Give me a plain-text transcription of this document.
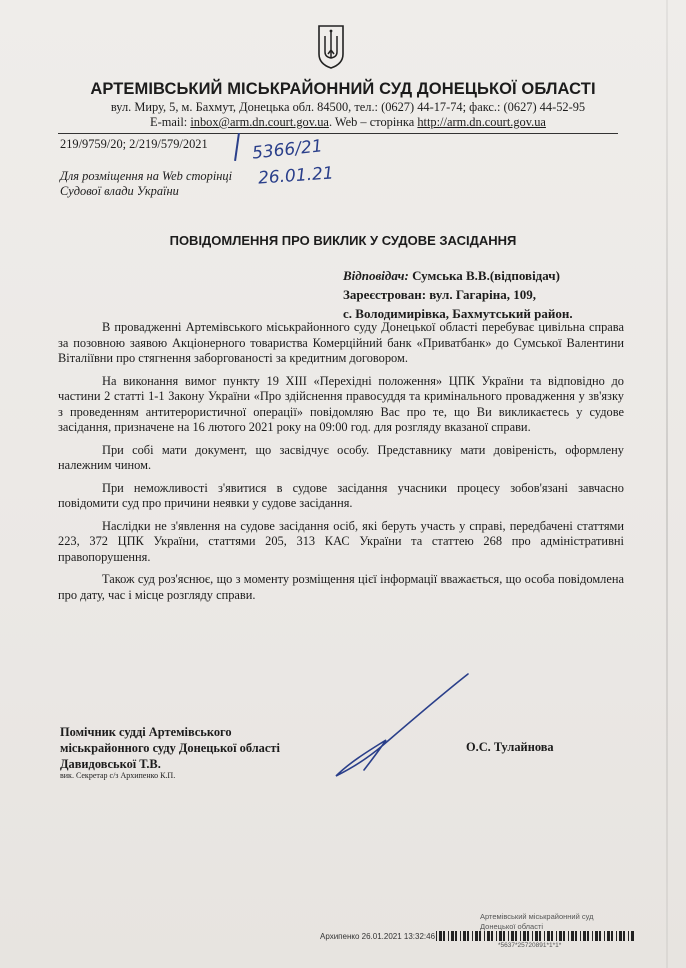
АРТЕМІВСЬКИЙ МІСЬКРАЙОННИЙ СУД ДОНЕЦЬКОЇ ОБЛАСТІ
вул. Миру, 5, м. Бахмут, Донецька обл. 84500, тел.: (0627) 44-17-74; факс.: (0627) 44-52-95
E-mail: inbox@arm.dn.court.gov.ua. Web – сторінка http://arm.dn.court.gov.ua
219/9759/20; 2/219/579/2021	5366/21
Для розміщення на Web сторінці
Судової влади України
26.01.21
ПОВІДОМЛЕННЯ ПРО ВИКЛИК У СУДОВЕ ЗАСІДАННЯ
Відповідач: Сумська В.В.(відповідач)
Зареєстрован: вул. Гагаріна, 109,
с. Володимирівка, Бахмутський район.

В провадженні Артемівського міськрайонного суду Донецької області перебуває цивільна справа за позовною заявою Акціонерного товариства Комерційний банк «Приватбанк» до Сумської Валентини Віталіївни про стягнення заборгованості за кредитним договором.

На виконання вимог пункту 19 XIII «Перехідні положення» ЦПК України та відповідно до частини 2 статті 1-1 Закону України «Про здійснення правосуддя та кримінального провадження у зв'язку з проведенням антитерористичної операції» повідомляю Вас про те, що Ви викликаєтесь у судове засідання, призначене на 16 лютого 2021 року на 09:00 год. для розгляду вказаної справи.

При собі мати документ, що засвідчує особу. Представнику мати довіреність, оформлену належним чином.

При неможливості з'явитися в судове засідання учасники процесу зобов'язані завчасно повідомити суд про причини неявки у судове засідання.

Наслідки не з'явлення на судове засідання осіб, які беруть участь у справі, передбачені статтями 223, 372 ЦПК України, статтями 205, 313 КАС України та статтею 268 про адміністративні правопорушення.

Також суд роз'яснює, що з моменту розміщення цієї інформації вважається, що особа повідомлена про дату, час і місце розгляду справи.

Помічник судді Артемівського
міськрайонного суду Донецької області
Давидовської Т.В.
вик. Секретар с/з Архипенко К.П.
О.С. Тулайнова
Артемівський міськрайонний суд
Донецької області
Архипенко 26.01.2021 13:32:46
*5637*25720891*1*1*
